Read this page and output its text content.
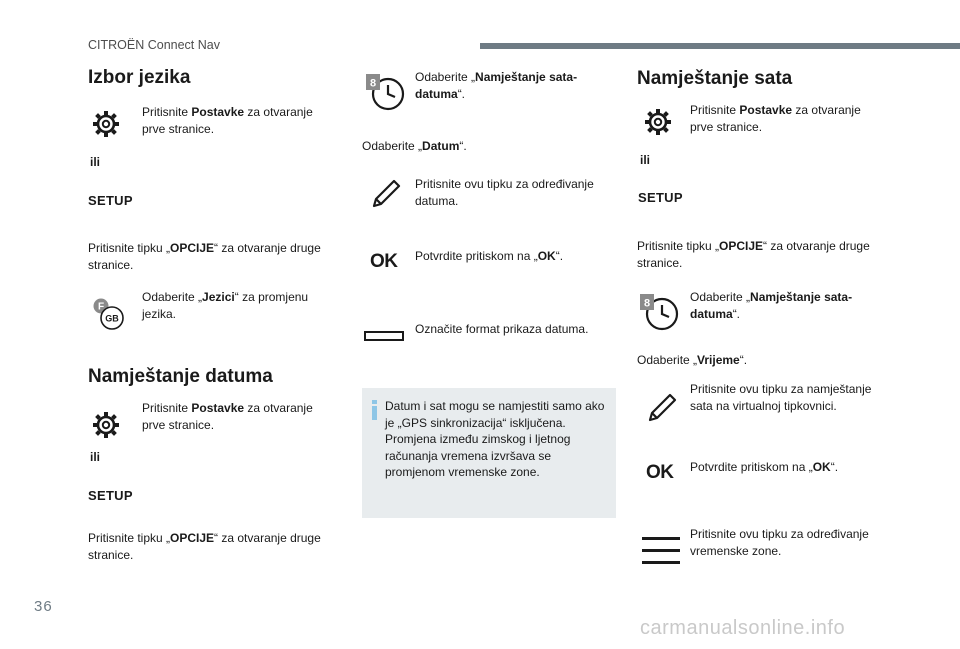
CITROËN Connect Nav
Izbor jezika
Pritisnite Postavke za otvaranje prve stranice.
ili
SETUP
Pritisnite tipku „OPCIJE“ za otvaranje druge stranice.
F
GB
Odaberite „Jezici“ za promjenu jezika.
Namještanje datuma
Pritisnite Postavke za otvaranje prve stranice.
ili
SETUP
Pritisnite tipku „OPCIJE“ za otvaranje druge stranice.
8	Odaberite „Namještanje sata-datuma“.
Odaberite „Datum“.
Pritisnite ovu tipku za određivanje datuma.
OK Potvrdite pritiskom na „OK“.
Označite format prikaza datuma.
Datum i sat mogu se namjestiti samo ako je „GPS sinkronizacija“ isključena. Promjena između zimskog i ljetnog računanja vremena izvršava se promjenom vremenske zone.
Namještanje sata
Pritisnite Postavke za otvaranje prve stranice.
ili
SETUP
Pritisnite tipku „OPCIJE“ za otvaranje druge stranice.
8	Odaberite „Namještanje sata-datuma“.
Odaberite „Vrijeme“.
Pritisnite ovu tipku za namještanje sata na virtualnoj tipkovnici.
OK Potvrdite pritiskom na „OK“.
Pritisnite ovu tipku za određivanje vremenske zone.
36
carmanualsonline.info
